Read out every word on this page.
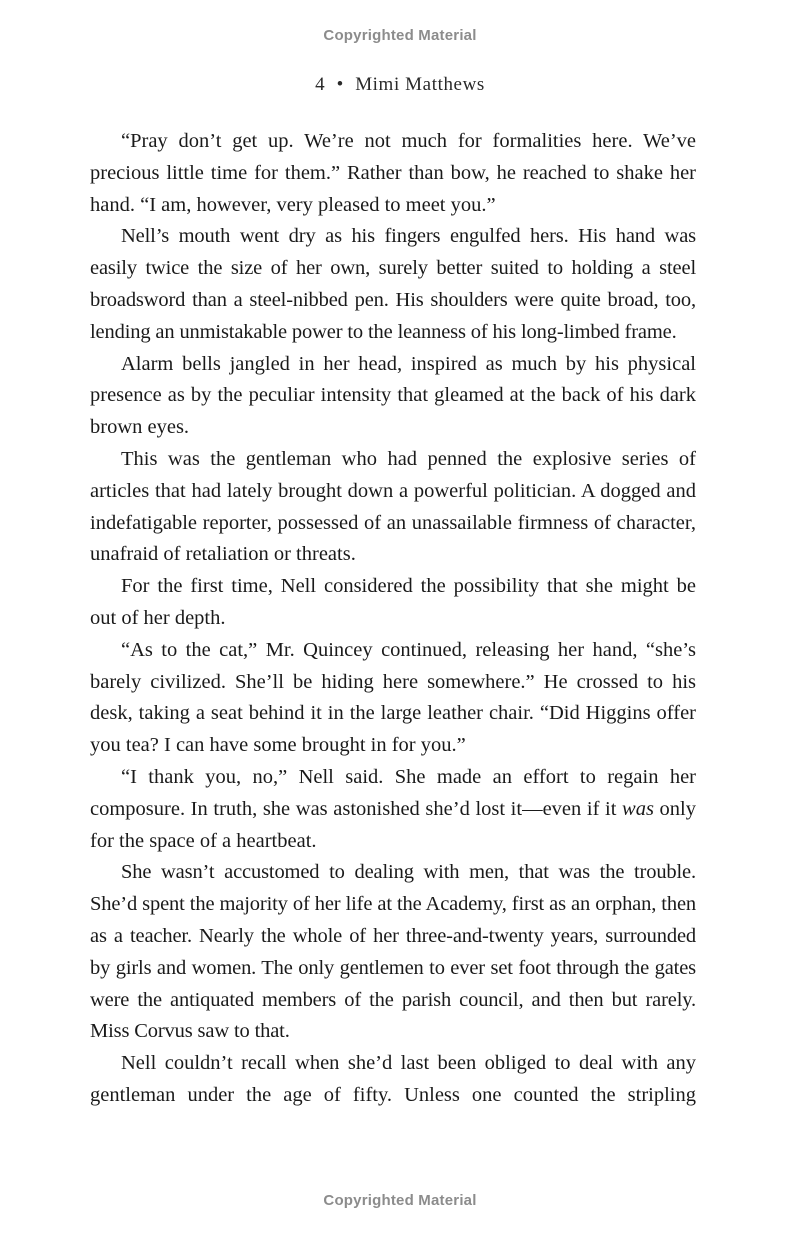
Copyrighted Material
4 • Mimi Matthews

“Pray don’t get up. We’re not much for formalities here. We’ve precious little time for them.” Rather than bow, he reached to shake her hand. “I am, however, very pleased to meet you.”

Nell’s mouth went dry as his fingers engulfed hers. His hand was easily twice the size of her own, surely better suited to holding a steel broadsword than a steel-nibbed pen. His shoulders were quite broad, too, lending an unmistakable power to the leanness of his long-limbed frame.

Alarm bells jangled in her head, inspired as much by his physical presence as by the peculiar intensity that gleamed at the back of his dark brown eyes.

This was the gentleman who had penned the explosive series of articles that had lately brought down a powerful politician. A dogged and indefatigable reporter, possessed of an unassailable firmness of character, unafraid of retaliation or threats.

For the first time, Nell considered the possibility that she might be out of her depth.

“As to the cat,” Mr. Quincey continued, releasing her hand, “she’s barely civilized. She’ll be hiding here somewhere.” He crossed to his desk, taking a seat behind it in the large leather chair. “Did Higgins offer you tea? I can have some brought in for you.”

“I thank you, no,” Nell said. She made an effort to regain her composure. In truth, she was astonished she’d lost it—even if it was only for the space of a heartbeat.

She wasn’t accustomed to dealing with men, that was the trouble. She’d spent the majority of her life at the Academy, first as an orphan, then as a teacher. Nearly the whole of her three-and-twenty years, surrounded by girls and women. The only gentlemen to ever set foot through the gates were the antiquated members of the parish council, and then but rarely. Miss Corvus saw to that.

Nell couldn’t recall when she’d last been obliged to deal with any gentleman under the age of fifty. Unless one counted the stripling

Copyrighted Material
